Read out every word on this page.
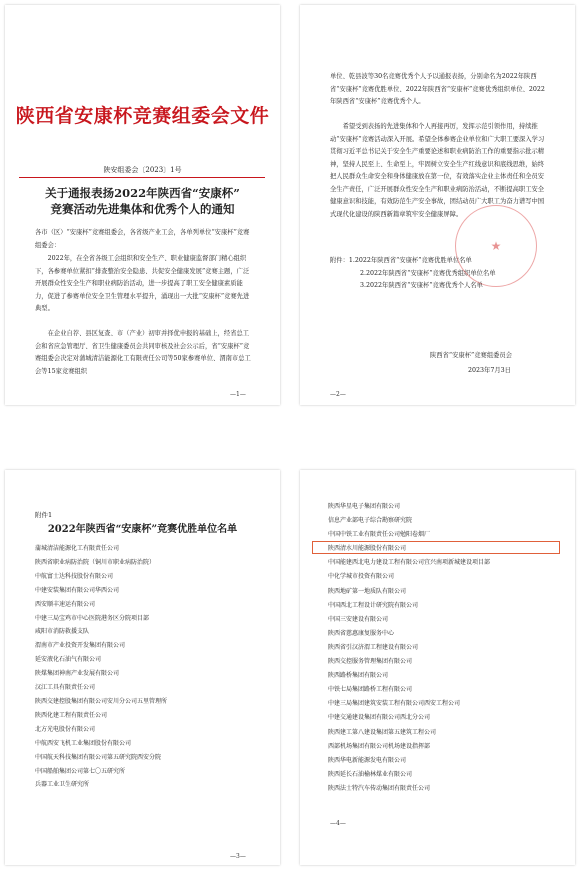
陕西省安康杯竞赛组委会文件
陕安组委会〔2023〕1号
关于通报表扬2022年陕西省“安康杯”
竞赛活动先进集体和优秀个人的通知
各市（区）“安康杯”竞赛组委会，各省级产业工会，各单列单位“安康杯”竞赛组委会：
2022年，在全省各级工会组织和安全生产、职业健康监督部门精心组织下，各参赛单位紧扣“排查整治安全隐患、共促安全健康发展”竞赛主题，广泛开展群众性安全生产和职业病防治活动，进一步提高了职工安全健康素质能力，促进了参赛单位安全卫生管理水平提升，涌现出一大批“安康杯”竞赛先进典型。
在企业自荐、县区复查、市（产业）初审并择优申报的基础上，经省总工会和省应急管理厅、省卫生健康委员会共同审核及社会公示后，省“安康杯”竞赛组委会决定对蒲城清洁能源化工有限责任公司等50家参赛单位、渭南市总工会等15家竞赛组织
—1—
单位、乾县波等30名竞赛优秀个人予以通报表扬，分别命名为2022年陕西省“安康杯”竞赛优胜单位、2022年陕西省“安康杯”竞赛优秀组织单位、2022年陕西省“安康杯”竞赛优秀个人。
希望受到表扬的先进集体和个人再接再厉，发挥示范引领作用，持续推动“安康杯”竞赛活动深入开展。希望全体参赛企业单位和广大职工要深入学习贯彻习近平总书记关于安全生产重要论述和职业病防治工作的重要指示批示精神，坚持人民至上、生命至上，牢固树立安全生产红线意识和底线思维，始终把人民群众生命安全和身体健康放在第一位，有效落实企业主体责任和全员安全生产责任，广泛开展群众性安全生产和职业病防治活动，不断提高职工安全健康意识和技能，有效防范生产安全事故，团结动员广大职工为奋力谱写中国式现代化建设的陕西新篇章筑牢安全健康屏障。
附件：1.2022年陕西省“安康杯”竞赛优胜单位名单
2.2022年陕西省“安康杯”竞赛优秀组织单位名单
3.2022年陕西省“安康杯”竞赛优秀个人名单
★
陕西省“安康杯”竞赛组委员会
2023年7月3日
—2—
附件1
2022年陕西省“安康杯”竞赛优胜单位名单
蒲城清洁能源化工有限责任公司
陕西省职业病防治院（铜川市职业病防治院）
中航富士达科技股份有限公司
中建安装集团有限公司华西公司
西安顺丰速运有限公司
中建三局宝鸡市中心医院港务区分院项目部
咸阳市消防救援支队
渭南市产业投资开发集团有限公司
延安液化石油气有限公司
陕煤集团神南产业发展有限公司
汉江工具有限责任公司
陕西交建控股集团有限公司安川分公司五里管理所
陕西化建工程有限责任公司
北方光电股份有限公司
中航西安飞机工业集团股份有限公司
中国航天科技集团有限公司第五研究院西安分院
中国船舶集团公司第七〇五研究所
兵器工业卫生研究所
—3—
陕西华星电子集团有限公司
信息产业部电子综合勘察研究院
中国中铁工业有限责任公司勉阳卷烟厂
陕西清水川能源股份有限公司
中国能建西北电力建设工程有限公司宜兴南项新城建设项目部
中化学城市投资有限公司
陕西地矿第一地质队有限公司
中国西北工程设计研究院有限公司
中国三安建设有限公司
陕西省慈惠康复服务中心
陕西省引汉济渭工程建设有限公司
陕西交控服务管理集团有限公司
陕西路桥集团有限公司
中铁七局集团路桥工程有限公司
中建三局集团建筑安装工程有限公司西安工程公司
中建交通建设集团有限公司西北分公司
陕西建工第八建设集团第五建筑工程公司
西部机场集团有限公司机场建设指挥部
陕西华电新能源发电有限公司
陕西延长石油榆林煤业有限公司
陕西法士特汽车传动集团有限责任公司
—4—
